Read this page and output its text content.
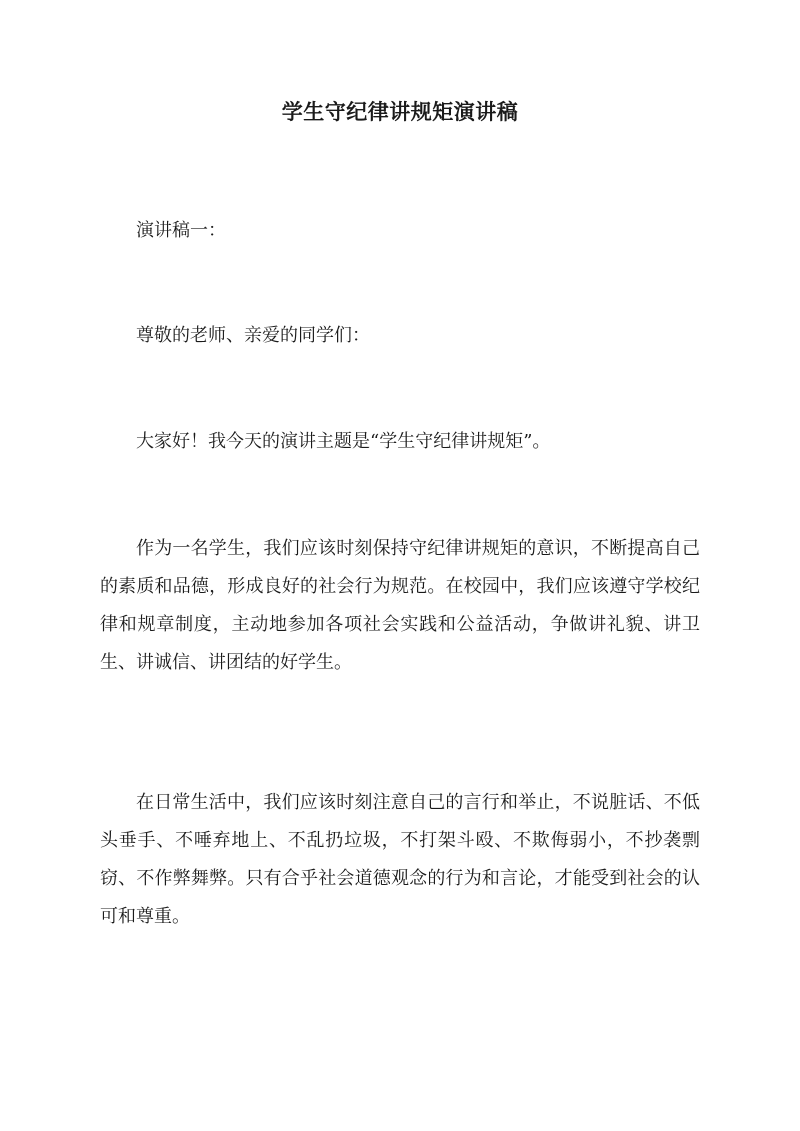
学生守纪律讲规矩演讲稿

演讲稿一：

尊敬的老师、亲爱的同学们：

大家好！我今天的演讲主题是“学生守纪律讲规矩”。

作为一名学生，我们应该时刻保持守纪律讲规矩的意识，不断提高自己的素质和品德，形成良好的社会行为规范。在校园中，我们应该遵守学校纪律和规章制度，主动地参加各项社会实践和公益活动，争做讲礼貌、讲卫生、讲诚信、讲团结的好学生。

在日常生活中，我们应该时刻注意自己的言行和举止，不说脏话、不低头垂手、不唾弃地上、不乱扔垃圾，不打架斗殴、不欺侮弱小，不抄袭剽窃、不作弊舞弊。只有合乎社会道德观念的行为和言论，才能受到社会的认可和尊重。
